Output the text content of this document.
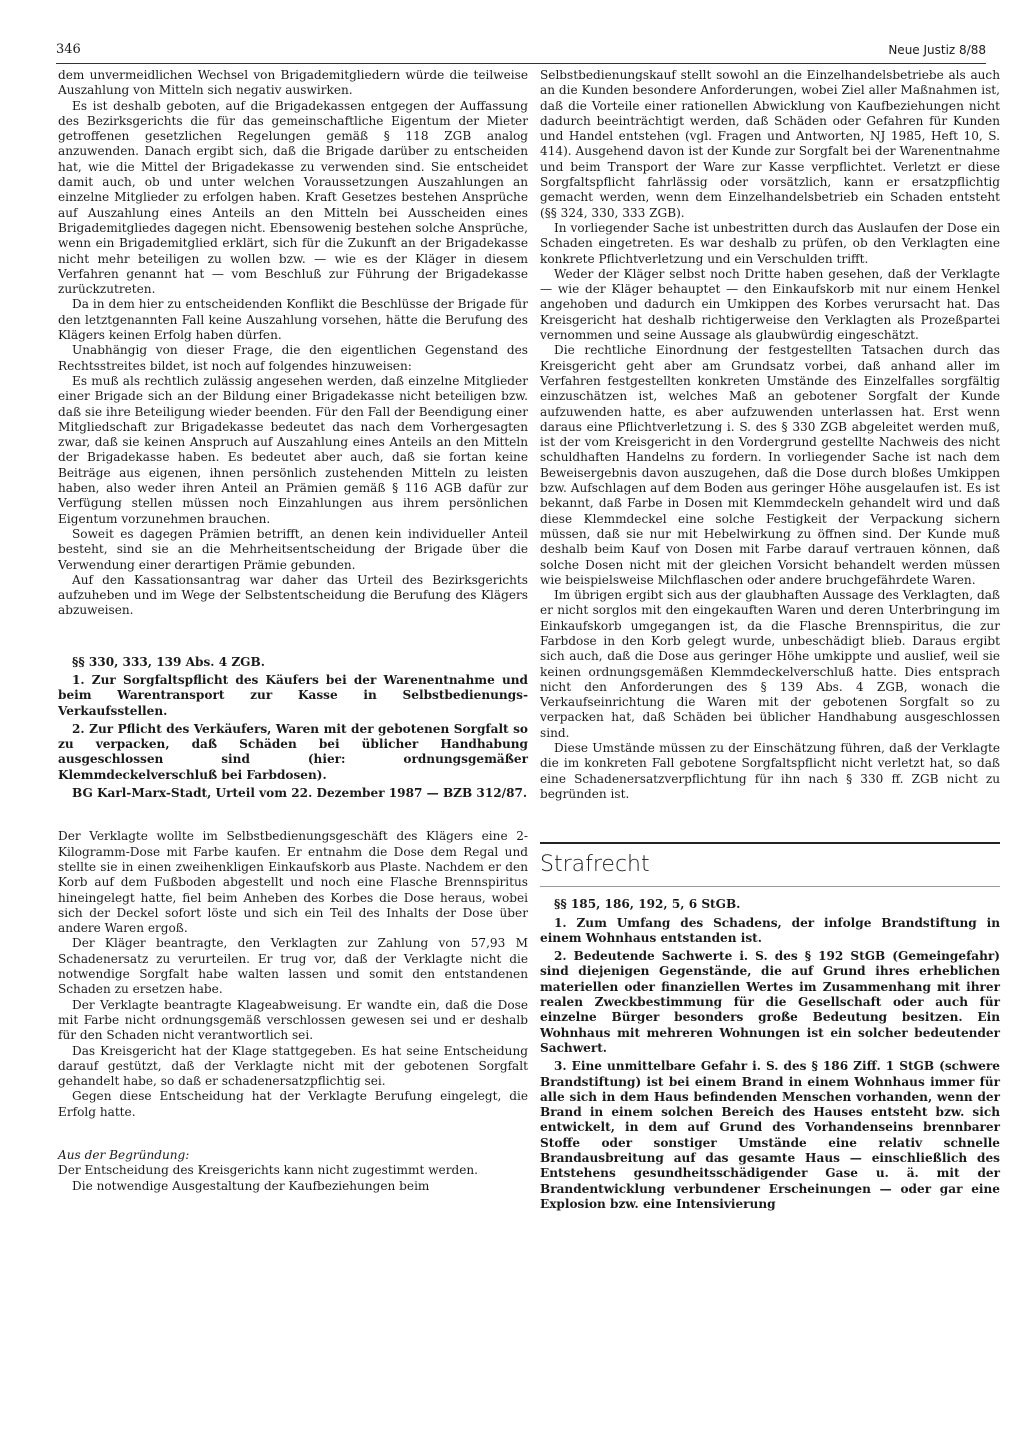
346	Neue Justiz 8/88

dem unvermeidlichen Wechsel von Brigademitgliedern würde die teilweise Auszahlung von Mitteln sich negativ auswirken.

Es ist deshalb geboten, auf die Brigadekassen entgegen der Auffassung des Bezirksgerichts die für das gemeinschaftliche Eigentum der Mieter getroffenen gesetzlichen Regelungen gemäß § 118 ZGB analog anzuwenden. Danach ergibt sich, daß die Brigade darüber zu entscheiden hat, wie die Mittel der Brigadekasse zu verwenden sind. Sie entscheidet damit auch, ob und unter welchen Voraussetzungen Auszahlungen an einzelne Mitglieder zu erfolgen haben. Kraft Gesetzes bestehen Ansprüche auf Auszahlung eines Anteils an den Mitteln bei Ausscheiden eines Brigademitgliedes dagegen nicht. Ebensowenig bestehen solche Ansprüche, wenn ein Brigademitglied erklärt, sich für die Zukunft an der Brigadekasse nicht mehr beteiligen zu wollen bzw. — wie es der Kläger in diesem Verfahren genannt hat — vom Beschluß zur Führung der Brigadekasse zurückzutreten.

Da in dem hier zu entscheidenden Konflikt die Beschlüsse der Brigade für den letztgenannten Fall keine Auszahlung vorsehen, hätte die Berufung des Klägers keinen Erfolg haben dürfen.

Unabhängig von dieser Frage, die den eigentlichen Gegenstand des Rechtsstreites bildet, ist noch auf folgendes hinzuweisen:

Es muß als rechtlich zulässig angesehen werden, daß einzelne Mitglieder einer Brigade sich an der Bildung einer Brigadekasse nicht beteiligen bzw. daß sie ihre Beteiligung wieder beenden. Für den Fall der Beendigung einer Mitgliedschaft zur Brigadekasse bedeutet das nach dem Vorhergesagten zwar, daß sie keinen Anspruch auf Auszahlung eines Anteils an den Mitteln der Brigadekasse haben. Es bedeutet aber auch, daß sie fortan keine Beiträge aus eigenen, ihnen persönlich zustehenden Mitteln zu leisten haben, also weder ihren Anteil an Prämien gemäß § 116 AGB dafür zur Verfügung stellen müssen noch Einzahlungen aus ihrem persönlichen Eigentum vorzunehmen brauchen.

Soweit es dagegen Prämien betrifft, an denen kein individueller Anteil besteht, sind sie an die Mehrheitsentscheidung der Brigade über die Verwendung einer derartigen Prämie gebunden.

Auf den Kassationsantrag war daher das Urteil des Bezirksgerichts aufzuheben und im Wege der Selbstentscheidung die Berufung des Klägers abzuweisen.

§§ 330, 333, 139 Abs. 4 ZGB.

1. Zur Sorgfaltspflicht des Käufers bei der Warenentnahme und beim Warentransport zur Kasse in Selbstbedienungs-Verkaufsstellen.

2. Zur Pflicht des Verkäufers, Waren mit der gebotenen Sorgfalt so zu verpacken, daß Schäden bei üblicher Handhabung ausgeschlossen sind (hier: ordnungsgemäßer Klemmdeckelverschluß bei Farbdosen).

BG Karl-Marx-Stadt, Urteil vom 22. Dezember 1987 — BZB 312/87.

Der Verklagte wollte im Selbstbedienungsgeschäft des Klägers eine 2-Kilogramm-Dose mit Farbe kaufen. Er entnahm die Dose dem Regal und stellte sie in einen zweihenkligen Einkaufskorb aus Plaste. Nachdem er den Korb auf dem Fußboden abgestellt und noch eine Flasche Brennspiritus hineingelegt hatte, fiel beim Anheben des Korbes die Dose heraus, wobei sich der Deckel sofort löste und sich ein Teil des Inhalts der Dose über andere Waren ergoß.

Der Kläger beantragte, den Verklagten zur Zahlung von 57,93 M Schadenersatz zu verurteilen. Er trug vor, daß der Verklagte nicht die notwendige Sorgfalt habe walten lassen und somit den entstandenen Schaden zu ersetzen habe.

Der Verklagte beantragte Klageabweisung. Er wandte ein, daß die Dose mit Farbe nicht ordnungsgemäß verschlossen gewesen sei und er deshalb für den Schaden nicht verantwortlich sei.

Das Kreisgericht hat der Klage stattgegeben. Es hat seine Entscheidung darauf gestützt, daß der Verklagte nicht mit der gebotenen Sorgfalt gehandelt habe, so daß er schadenersatzpflichtig sei.

Gegen diese Entscheidung hat der Verklagte Berufung eingelegt, die Erfolg hatte.

Aus der Begründung:

Der Entscheidung des Kreisgerichts kann nicht zugestimmt werden.

Die notwendige Ausgestaltung der Kaufbeziehungen beim

Selbstbedienungskauf stellt sowohl an die Einzelhandelsbetriebe als auch an die Kunden besondere Anforderungen, wobei Ziel aller Maßnahmen ist, daß die Vorteile einer rationellen Abwicklung von Kaufbeziehungen nicht dadurch beeinträchtigt werden, daß Schäden oder Gefahren für Kunden und Handel entstehen (vgl. Fragen und Antworten, NJ 1985, Heft 10, S. 414). Ausgehend davon ist der Kunde zur Sorgfalt bei der Warenentnahme und beim Transport der Ware zur Kasse verpflichtet. Verletzt er diese Sorgfaltspflicht fahrlässig oder vorsätzlich, kann er ersatzpflichtig gemacht werden, wenn dem Einzelhandelsbetrieb ein Schaden entsteht (§§ 324, 330, 333 ZGB).

In vorliegender Sache ist unbestritten durch das Auslaufen der Dose ein Schaden eingetreten. Es war deshalb zu prüfen, ob den Verklagten eine konkrete Pflichtverletzung und ein Verschulden trifft.

Weder der Kläger selbst noch Dritte haben gesehen, daß der Verklagte — wie der Kläger behauptet — den Einkaufskorb mit nur einem Henkel angehoben und dadurch ein Umkippen des Korbes verursacht hat. Das Kreisgericht hat deshalb richtigerweise den Verklagten als Prozeßpartei vernommen und seine Aussage als glaubwürdig eingeschätzt.

Die rechtliche Einordnung der festgestellten Tatsachen durch das Kreisgericht geht aber am Grundsatz vorbei, daß anhand aller im Verfahren festgestellten konkreten Umstände des Einzelfalles sorgfältig einzuschätzen ist, welches Maß an gebotener Sorgfalt der Kunde aufzuwenden hatte, es aber aufzuwenden unterlassen hat. Erst wenn daraus eine Pflichtverletzung i. S. des § 330 ZGB abgeleitet werden muß, ist der vom Kreisgericht in den Vordergrund gestellte Nachweis des nicht schuldhaften Handelns zu fordern. In vorliegender Sache ist nach dem Beweisergebnis davon auszugehen, daß die Dose durch bloßes Umkippen bzw. Aufschlagen auf dem Boden aus geringer Höhe ausgelaufen ist. Es ist bekannt, daß Farbe in Dosen mit Klemmdeckeln gehandelt wird und daß diese Klemmdeckel eine solche Festigkeit der Verpackung sichern müssen, daß sie nur mit Hebelwirkung zu öffnen sind. Der Kunde muß deshalb beim Kauf von Dosen mit Farbe darauf vertrauen können, daß solche Dosen nicht mit der gleichen Vorsicht behandelt werden müssen wie beispielsweise Milchflaschen oder andere bruchgefährdete Waren.

Im übrigen ergibt sich aus der glaubhaften Aussage des Verklagten, daß er nicht sorglos mit den eingekauften Waren und deren Unterbringung im Einkaufskorb umgegangen ist, da die Flasche Brennspiritus, die zur Farbdose in den Korb gelegt wurde, unbeschädigt blieb. Daraus ergibt sich auch, daß die Dose aus geringer Höhe umkippte und auslief, weil sie keinen ordnungsgemäßen Klemmdeckelverschluß hatte. Dies entsprach nicht den Anforderungen des § 139 Abs. 4 ZGB, wonach die Verkaufseinrichtung die Waren mit der gebotenen Sorgfalt so zu verpacken hat, daß Schäden bei üblicher Handhabung ausgeschlossen sind.

Diese Umstände müssen zu der Einschätzung führen, daß der Verklagte die im konkreten Fall gebotene Sorgfaltspflicht nicht verletzt hat, so daß eine Schadenersatzverpflichtung für ihn nach § 330 ff. ZGB nicht zu begründen ist.

Strafrecht

§§ 185, 186, 192, 5, 6 StGB.

1. Zum Umfang des Schadens, der infolge Brandstiftung in einem Wohnhaus entstanden ist.

2. Bedeutende Sachwerte i. S. des § 192 StGB (Gemeingefahr) sind diejenigen Gegenstände, die auf Grund ihres erheblichen materiellen oder finanziellen Wertes im Zusammenhang mit ihrer realen Zweckbestimmung für die Gesellschaft oder auch für einzelne Bürger besonders große Bedeutung besitzen. Ein Wohnhaus mit mehreren Wohnungen ist ein solcher bedeutender Sachwert.

3. Eine unmittelbare Gefahr i. S. des § 186 Ziff. 1 StGB (schwere Brandstiftung) ist bei einem Brand in einem Wohnhaus immer für alle sich in dem Haus befindenden Menschen vorhanden, wenn der Brand in einem solchen Bereich des Hauses entsteht bzw. sich entwickelt, in dem auf Grund des Vorhandenseins brennbarer Stoffe oder sonstiger Umstände eine relativ schnelle Brandausbreitung auf das gesamte Haus — einschließlich des Entstehens gesundheitsschädigender Gase u. ä. mit der Brandentwicklung verbundener Erscheinungen — oder gar eine Explosion bzw. eine Intensivierung
